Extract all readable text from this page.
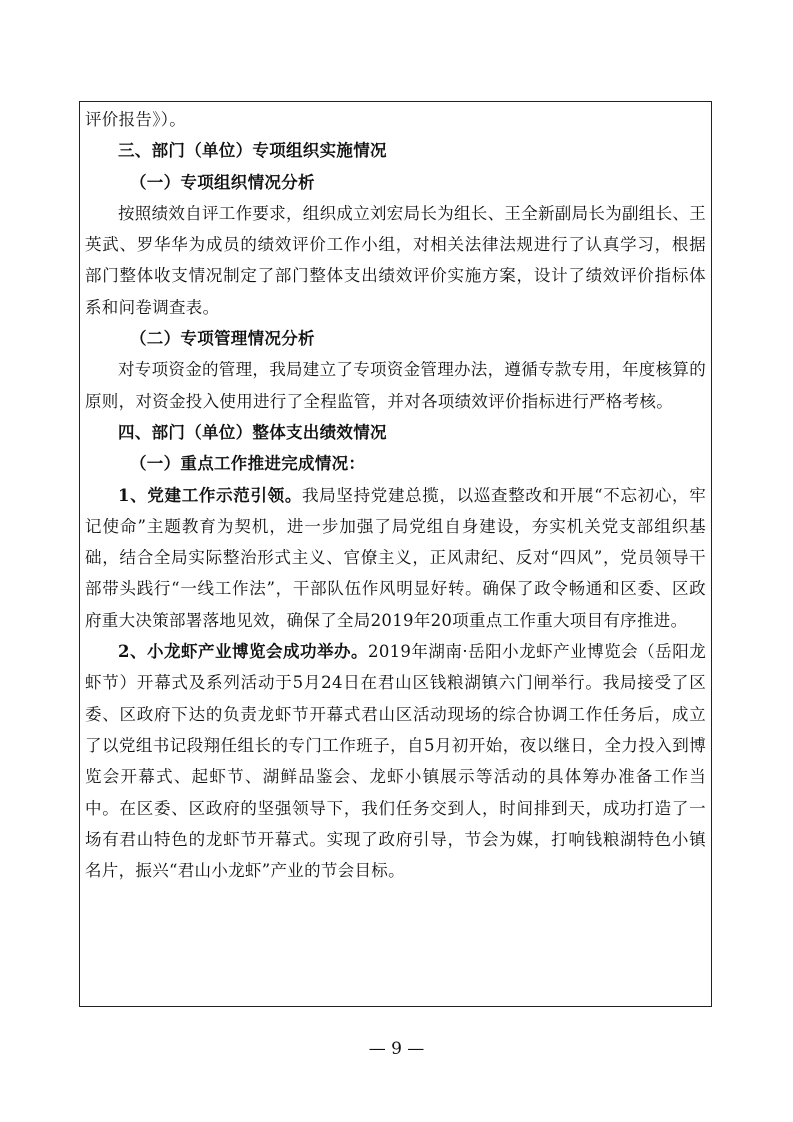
评价报告》）。

三、部门（单位）专项组织实施情况

（一）专项组织情况分析

按照绩效自评工作要求，组织成立刘宏局长为组长、王全新副局长为副组长、王英武、罗华华为成员的绩效评价工作小组，对相关法律法规进行了认真学习，根据部门整体收支情况制定了部门整体支出绩效评价实施方案，设计了绩效评价指标体系和问卷调查表。

（二）专项管理情况分析

对专项资金的管理，我局建立了专项资金管理办法，遵循专款专用，年度核算的原则，对资金投入使用进行了全程监管，并对各项绩效评价指标进行严格考核。

四、部门（单位）整体支出绩效情况

（一）重点工作推进完成情况：

1、党建工作示范引领。我局坚持党建总揽，以巡查整改和开展“不忘初心，牢记使命”主题教育为契机，进一步加强了局党组自身建设，夯实机关党支部组织基础，结合全局实际整治形式主义、官僚主义，正风肃纪、反对“四风”，党员领导干部带头践行“一线工作法”，干部队伍作风明显好转。确保了政令畅通和区委、区政府重大决策部署落地见效，确保了全局2019年20项重点工作重大项目有序推进。

2、小龙虾产业博览会成功举办。2019年湖南·岳阳小龙虾产业博览会（岳阳龙虾节）开幕式及系列活动于5月24日在君山区钱粮湖镇六门闸举行。我局接受了区委、区政府下达的负责龙虾节开幕式君山区活动现场的综合协调工作任务后，成立了以党组书记段翔任组长的专门工作班子，自5月初开始，夜以继日，全力投入到博览会开幕式、起虾节、湖鲜品鉴会、龙虾小镇展示等活动的具体筹办准备工作当中。在区委、区政府的坚强领导下，我们任务交到人，时间排到天，成功打造了一场有君山特色的龙虾节开幕式。实现了政府引导，节会为媒，打响钱粮湖特色小镇名片，振兴“君山小龙虾”产业的节会目标。

— 9 —
